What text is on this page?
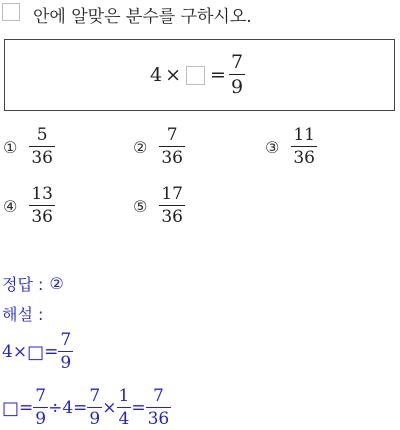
안에 알맞은 분수를 구하시오.
4 × = $\frac{7}{9}$
① $\frac{5}{36}$	② $\frac{7}{36}$	③ $\frac{11}{36}$
④ $\frac{13}{36}$	⑤ $\frac{17}{36}$
정답 : ②
해설 :
4 × □ = $\frac{7}{9}$
□ = $\frac{7}{9} \div 4 = \frac{7}{9} \times \frac{1}{4} = \frac{7}{36}$
